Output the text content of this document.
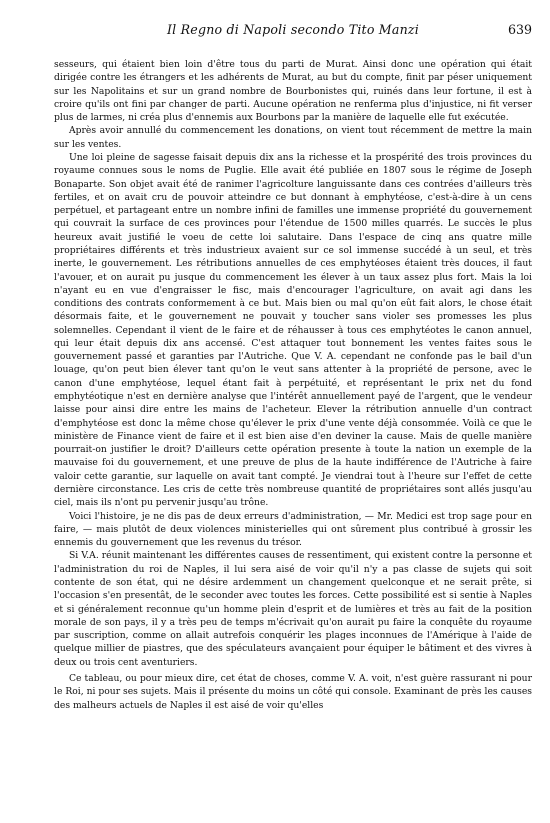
Il Regno di Napoli secondo Tito Manzi	639

sesseurs, qui étaient bien loin d'être tous du parti de Murat. Ainsi donc une opération qui était dirigée contre les étrangers et les adhérents de Murat, au but du compte, finit par péser uniquement sur les Napolitains et sur un grand nombre de Bourbonistes qui, ruinés dans leur fortune, il est à croire qu'ils ont fini par changer de parti. Aucune opération ne renferma plus d'injustice, ni fit verser plus de larmes, ni créa plus d'ennemis aux Bourbons par la manière de laquelle elle fut exécutée.

Après avoir annullé du commencement les donations, on vient tout récemment de mettre la main sur les ventes.

Une loi pleine de sagesse faisait depuis dix ans la richesse et la prospérité des trois provinces du royaume connues sous le noms de Puglie. Elle avait été publiée en 1807 sous le régime de Joseph Bonaparte. Son objet avait été de ranimer l'agricolture languissante dans ces contrées d'ailleurs très fertiles, et on avait cru de pouvoir atteindre ce but donnant à emphytéose, c'est-à-dire à un cens perpétuel, et partageant entre un nombre infini de familles une immense propriété du gouvernement qui couvrait la surface de ces provinces pour l'étendue de 1500 milles quarrés. Le succès le plus heureux avait justifié le voeu de cette loi salutaire. Dans l'espace de cinq ans quatre mille propriétaires différents et très industrieux avaient sur ce sol immense succédé à un seul, et très inerte, le gouvernement. Les rétributions annuelles de ces emphytéoses étaient très douces, il faut l'avouer, et on aurait pu jusque du commencement les élever à un taux assez plus fort. Mais la loi n'ayant eu en vue d'engraisser le fisc, mais d'encourager l'agriculture, on avait agi dans les conditions des contrats conformement à ce but. Mais bien ou mal qu'on eût fait alors, le chose était désormais faite, et le gouvernement ne pouvait y toucher sans violer ses promesses les plus solemnelles. Cependant il vient de le faire et de réhausser à tous ces emphytéotes le canon annuel, qui leur était depuis dix ans accensé. C'est attaquer tout bonnement les ventes faites sous le gouvernement passé et garanties par l'Autriche. Que V. A. cependant ne confonde pas le bail d'un louage, qu'on peut bien élever tant qu'on le veut sans attenter à la propriété de persone, avec le canon d'une emphytéose, lequel étant fait à perpétuité, et représentant le prix net du fond emphytéotique n'est en dernière analyse que l'intérêt annuellement payé de l'argent, que le vendeur laisse pour ainsi dire entre les mains de l'acheteur. Elever la rétribution annuelle d'un contract d'emphytéose est donc la même chose qu'élever le prix d'une vente déjà consommée. Voilà ce que le ministère de Finance vient de faire et il est bien aise d'en deviner la cause. Mais de quelle manière pourrait-on justifier le droit? D'ailleurs cette opération presente à toute la nation un exemple de la mauvaise foi du gouvernement, et une preuve de plus de la haute indifférence de l'Autriche à faire valoir cette garantie, sur laquelle on avait tant compté. Je viendrai tout à l'heure sur l'effet de cette dernière circonstance. Les cris de cette très nombreuse quantité de propriétaires sont allés jusqu'au ciel, mais ils n'ont pu pervenir jusqu'au trône.

Voici l'histoire, je ne dis pas de deux erreurs d'administration, — Mr. Medici est trop sage pour en faire, — mais plutôt de deux violences ministerielles qui ont sûrement plus contribué à grossir les ennemis du gouvernement que les revenus du trésor.

Si V.A. réunit maintenant les différentes causes de ressentiment, qui existent contre la personne et l'administration du roi de Naples, il lui sera aisé de voir qu'il n'y a pas classe de sujets qui soit contente de son état, qui ne désire ardemment un changement quelconque et ne serait prête, si l'occasion s'en presentât, de le seconder avec toutes les forces. Cette possibilité est si sentie à Naples et si généralement reconnue qu'un homme plein d'esprit et de lumières et très au fait de la position morale de son pays, il y a très peu de temps m'écrivait qu'on aurait pu faire la conquête du royaume par suscription, comme on allait autrefois conquérir les plages inconnues de l'Amérique à l'aide de quelque millier de piastres, que des spéculateurs avançaient pour équiper le bâtiment et des vivres à deux ou trois cent aventuriers.

Ce tableau, ou pour mieux dire, cet état de choses, comme V. A. voit, n'est guère rassurant ni pour le Roi, ni pour ses sujets. Mais il présente du moins un côté qui console. Examinant de près les causes des malheurs actuels de Naples il est aisé de voir qu'elles
